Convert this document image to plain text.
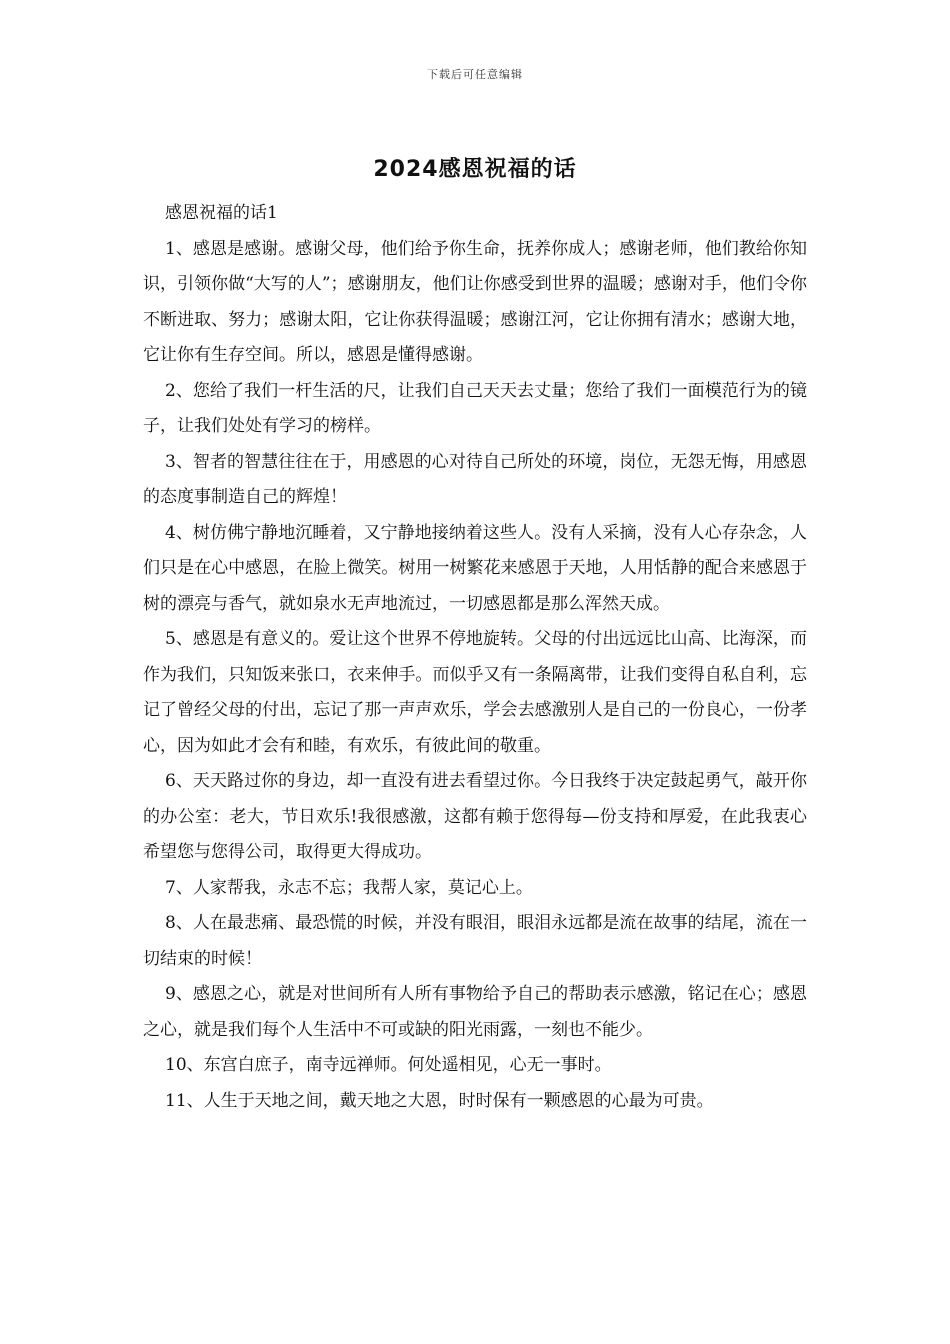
下载后可任意编辑
2024感恩祝福的话

感恩祝福的话1

1、感恩是感谢。感谢父母，他们给予你生命，抚养你成人；感谢老师，他们教给你知识，引领你做“大写的人”；感谢朋友，他们让你感受到世界的温暖；感谢对手，他们令你不断进取、努力；感谢太阳，它让你获得温暖；感谢江河，它让你拥有清水；感谢大地，它让你有生存空间。所以，感恩是懂得感谢。

2、您给了我们一杆生活的尺，让我们自己天天去丈量；您给了我们一面模范行为的镜子，让我们处处有学习的榜样。

3、智者的智慧往往在于，用感恩的心对待自己所处的环境，岗位，无怨无悔，用感恩的态度事制造自己的辉煌！

4、树仿佛宁静地沉睡着，又宁静地接纳着这些人。没有人采摘，没有人心存杂念，人们只是在心中感恩，在脸上微笑。树用一树繁花来感恩于天地，人用恬静的配合来感恩于树的漂亮与香气，就如泉水无声地流过，一切感恩都是那么浑然天成。

5、感恩是有意义的。爱让这个世界不停地旋转。父母的付出远远比山高、比海深，而作为我们，只知饭来张口，衣来伸手。而似乎又有一条隔离带，让我们变得自私自利，忘记了曾经父母的付出，忘记了那一声声欢乐，学会去感激别人是自己的一份良心，一份孝心，因为如此才会有和睦，有欢乐，有彼此间的敬重。

6、天天路过你的身边，却一直没有进去看望过你。今日我终于决定鼓起勇气，敲开你的办公室：老大，节日欢乐!我很感激，这都有赖于您得每—份支持和厚爱，在此我衷心希望您与您得公司，取得更大得成功。

7、人家帮我，永志不忘；我帮人家，莫记心上。

8、人在最悲痛、最恐慌的时候，并没有眼泪，眼泪永远都是流在故事的结尾，流在一切结束的时候！

9、感恩之心，就是对世间所有人所有事物给予自己的帮助表示感激，铭记在心；感恩之心，就是我们每个人生活中不可或缺的阳光雨露，一刻也不能少。

10、东宫白庶子，南寺远禅师。何处遥相见，心无一事时。

11、人生于天地之间，戴天地之大恩，时时保有一颗感恩的心最为可贵。
